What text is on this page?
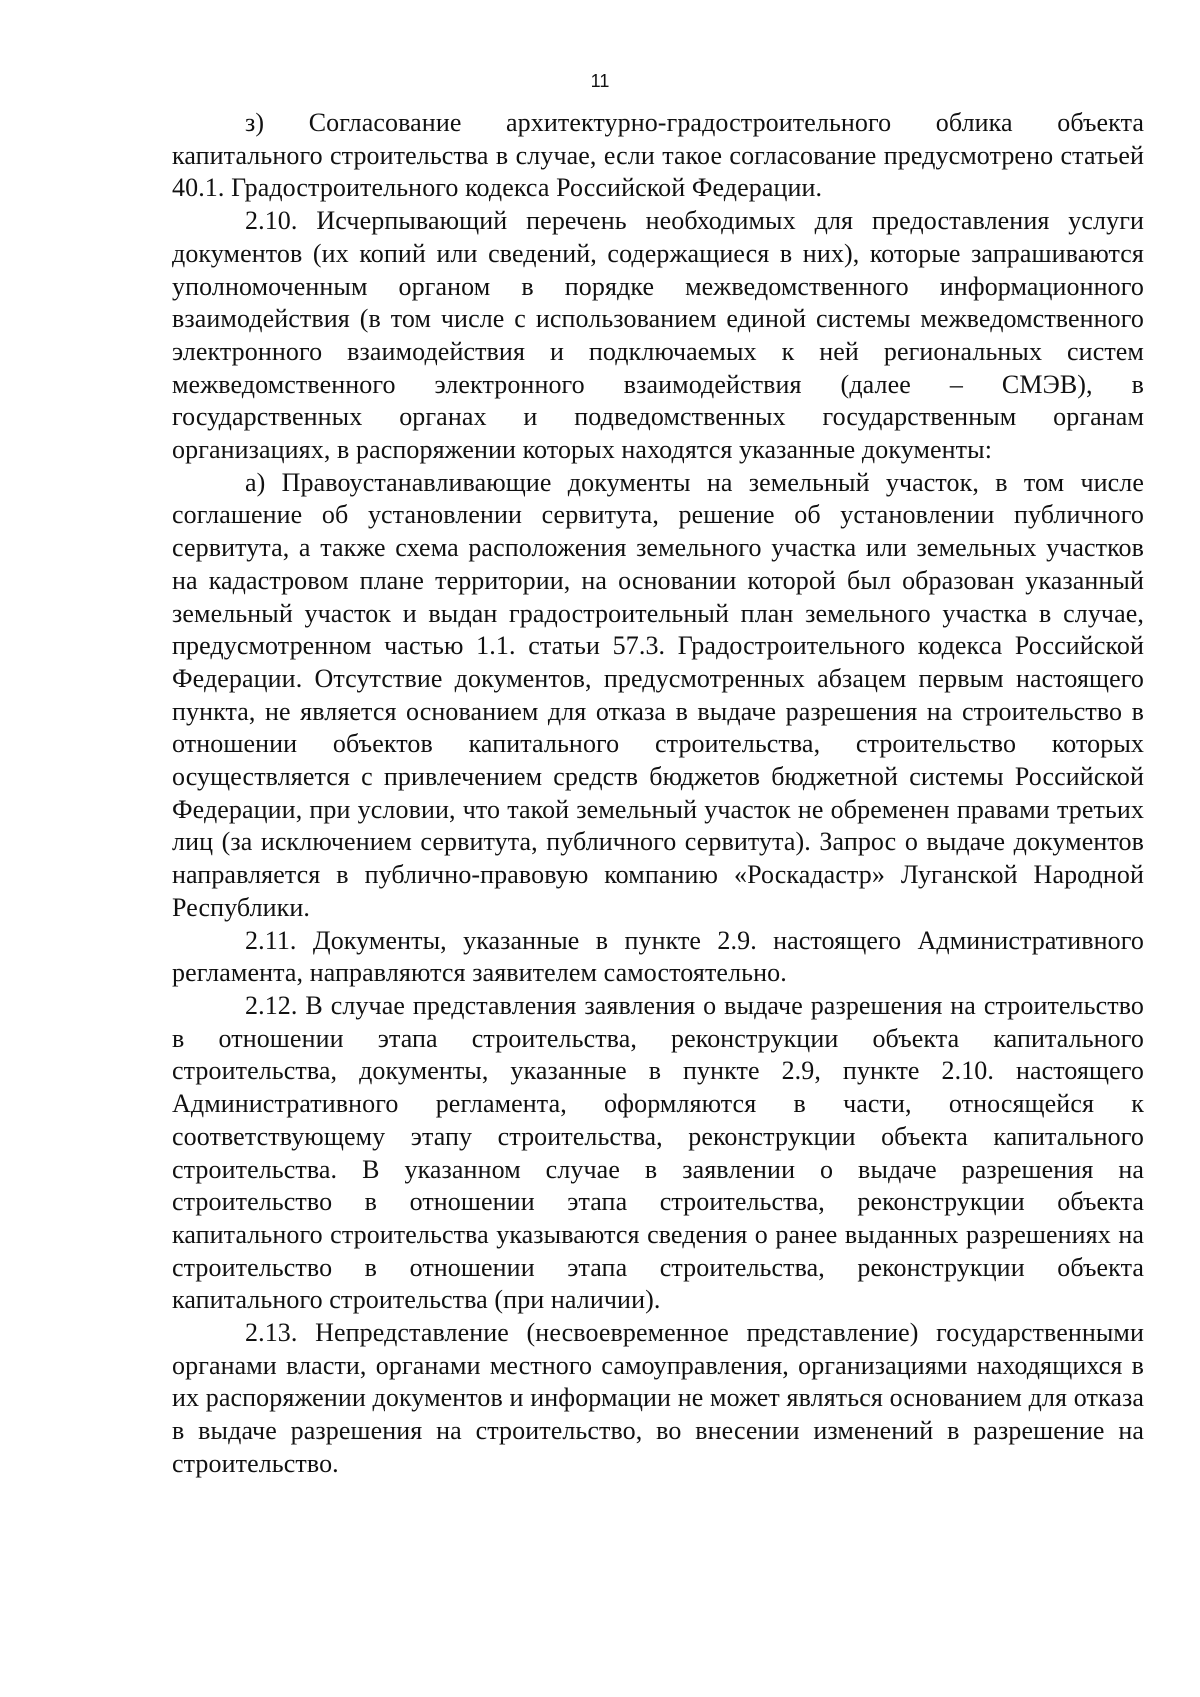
11

з) Согласование архитектурно-градостроительного облика объекта капитального строительства в случае, если такое согласование предусмотрено статьей 40.1. Градостроительного кодекса Российской Федерации.

2.10. Исчерпывающий перечень необходимых для предоставления услуги документов (их копий или сведений, содержащиеся в них), которые запрашиваются уполномоченным органом в порядке межведомственного информационного взаимодействия (в том числе с использованием единой системы межведомственного электронного взаимодействия и подключаемых к ней региональных систем межведомственного электронного взаимодействия (далее – СМЭВ), в государственных органах и подведомственных государственным органам организациях, в распоряжении которых находятся указанные документы:

а) Правоустанавливающие документы на земельный участок, в том числе соглашение об установлении сервитута, решение об установлении публичного сервитута, а также схема расположения земельного участка или земельных участков на кадастровом плане территории, на основании которой был образован указанный земельный участок и выдан градостроительный план земельного участка в случае, предусмотренном частью 1.1. статьи 57.3. Градостроительного кодекса Российской Федерации. Отсутствие документов, предусмотренных абзацем первым настоящего пункта, не является основанием для отказа в выдаче разрешения на строительство в отношении объектов капитального строительства, строительство которых осуществляется с привлечением средств бюджетов бюджетной системы Российской Федерации, при условии, что такой земельный участок не обременен правами третьих лиц (за исключением сервитута, публичного сервитута). Запрос о выдаче документов направляется в публично-правовую компанию «Роскадастр» Луганской Народной Республики.

2.11. Документы, указанные в пункте 2.9. настоящего Административного регламента, направляются заявителем самостоятельно.

2.12. В случае представления заявления о выдаче разрешения на строительство в отношении этапа строительства, реконструкции объекта капитального строительства, документы, указанные в пункте 2.9, пункте 2.10. настоящего Административного регламента, оформляются в части, относящейся к соответствующему этапу строительства, реконструкции объекта капитального строительства. В указанном случае в заявлении о выдаче разрешения на строительство в отношении этапа строительства, реконструкции объекта капитального строительства указываются сведения о ранее выданных разрешениях на строительство в отношении этапа строительства, реконструкции объекта капитального строительства (при наличии).

2.13. Непредставление (несвоевременное представление) государственными органами власти, органами местного самоуправления, организациями находящихся в их распоряжении документов и информации не может являться основанием для отказа в выдаче разрешения на строительство, во внесении изменений в разрешение на строительство.
